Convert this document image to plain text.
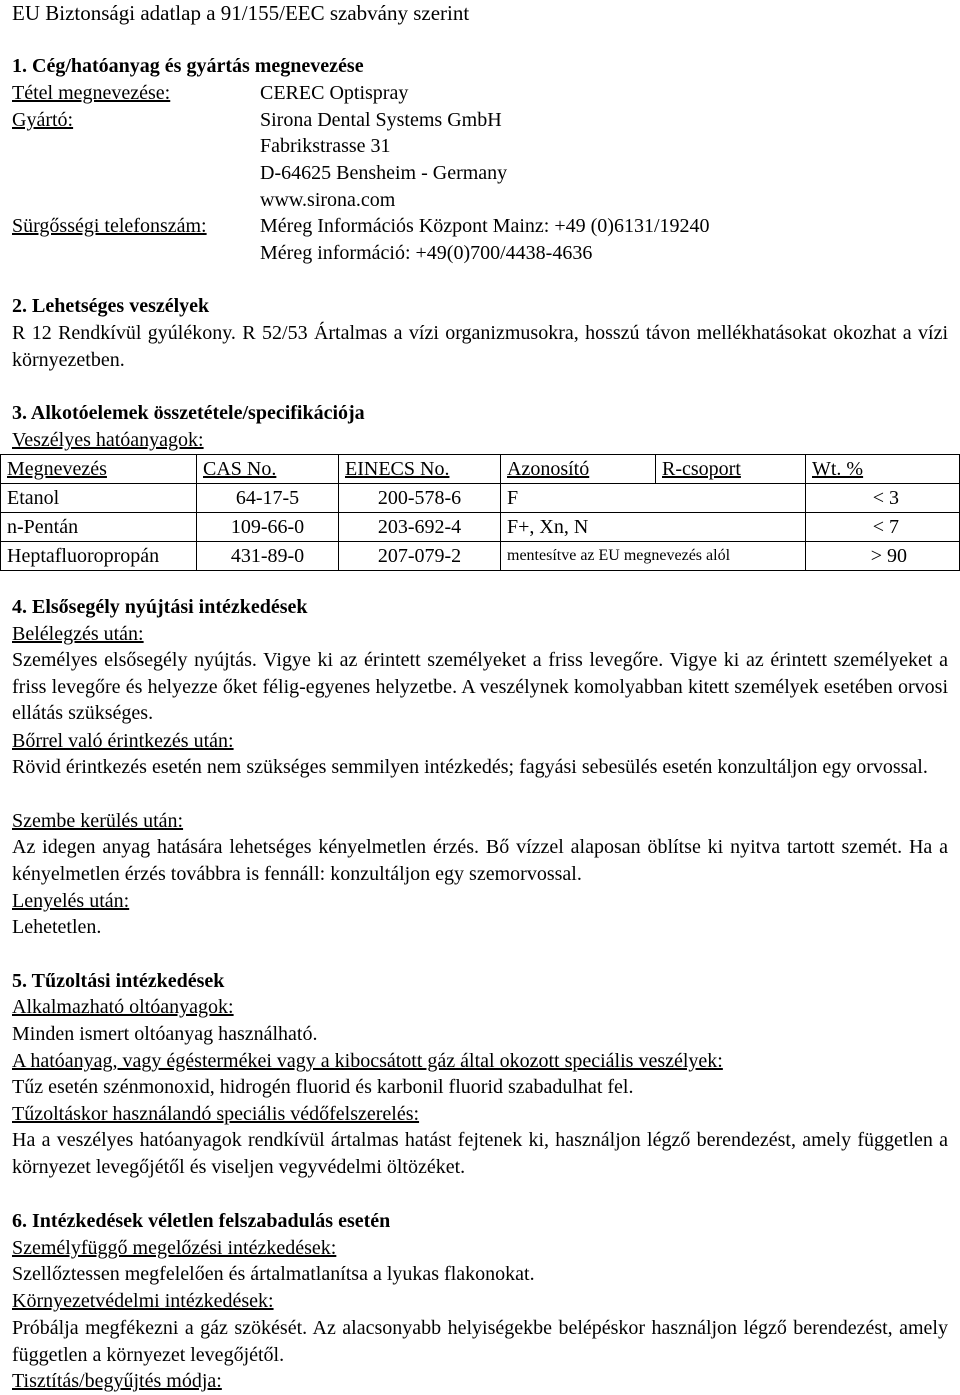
EU Biztonsági adatlap a 91/155/EEC szabvány szerint
1. Cég/hatóanyag és gyártás megnevezése
Tétel megnevezése:	CEREC Optispray
Gyártó:	Sirona Dental Systems GmbH
Fabrikstrasse 31
D-64625 Bensheim - Germany
www.sirona.com
Sürgősségi telefonszám:	Méreg Információs Központ Mainz: +49 (0)6131/19240
Méreg információ: +49(0)700/4438-4636
2. Lehetséges veszélyek

R 12 Rendkívül gyúlékony. R 52/53 Ártalmas a vízi organizmusokra, hosszú távon mellékhatásokat okozhat a vízi környezetben.

3. Alkotóelemek összetétele/specifikációja
Veszélyes hatóanyagok:
Megnevezés	CAS No.	EINECS No.	Azonosító	R-csoport	Wt. %
Etanol	64-17-5	200-578-6	F		< 3
n-Pentán	109-66-0	203-692-4	F+, Xn, N		< 7
Heptafluoropropán	431-89-0	207-079-2	mentesítve az EU megnevezés alól		> 90
4. Elsősegély nyújtási intézkedések
Belélegzés után:

Személyes elsősegély nyújtás. Vigye ki az érintett személyeket a friss levegőre. Vigye ki az érintett személyeket a friss levegőre és helyezze őket félig-egyenes helyzetbe. A veszélynek komolyabban kitett személyek esetében orvosi ellátás szükséges.

Bőrrel való érintkezés után:

Rövid érintkezés esetén nem szükséges semmilyen intézkedés; fagyási sebesülés esetén konzultáljon egy orvossal.

Szembe kerülés után:

Az idegen anyag hatására lehetséges kényelmetlen érzés. Bő vízzel alaposan öblítse ki nyitva tartott szemét. Ha a kényelmetlen érzés továbbra is fennáll: konzultáljon egy szemorvossal.

Lenyelés után:
Lehetetlen.
5. Tűzoltási intézkedések
Alkalmazható oltóanyagok:
Minden ismert oltóanyag használható.
A hatóanyag, vagy égéstermékei vagy a kibocsátott gáz által okozott speciális veszélyek:
Tűz esetén szénmonoxid, hidrogén fluorid és karbonil fluorid szabadulhat fel.
Tűzoltáskor használandó speciális védőfelszerelés:

Ha a veszélyes hatóanyagok rendkívül ártalmas hatást fejtenek ki, használjon légző berendezést, amely független a környezet levegőjétől és viseljen vegyvédelmi öltözéket.

6. Intézkedések véletlen felszabadulás esetén
Személyfüggő megelőzési intézkedések:
Szellőztessen megfelelően és ártalmatlanítsa a lyukas flakonokat.
Környezetvédelmi intézkedések:

Próbálja megfékezni a gáz szökését. Az alacsonyabb helyiségekbe belépéskor használjon légző berendezést, amely független a környezet levegőjétől.

Tisztítás/begyűjtés módja:
